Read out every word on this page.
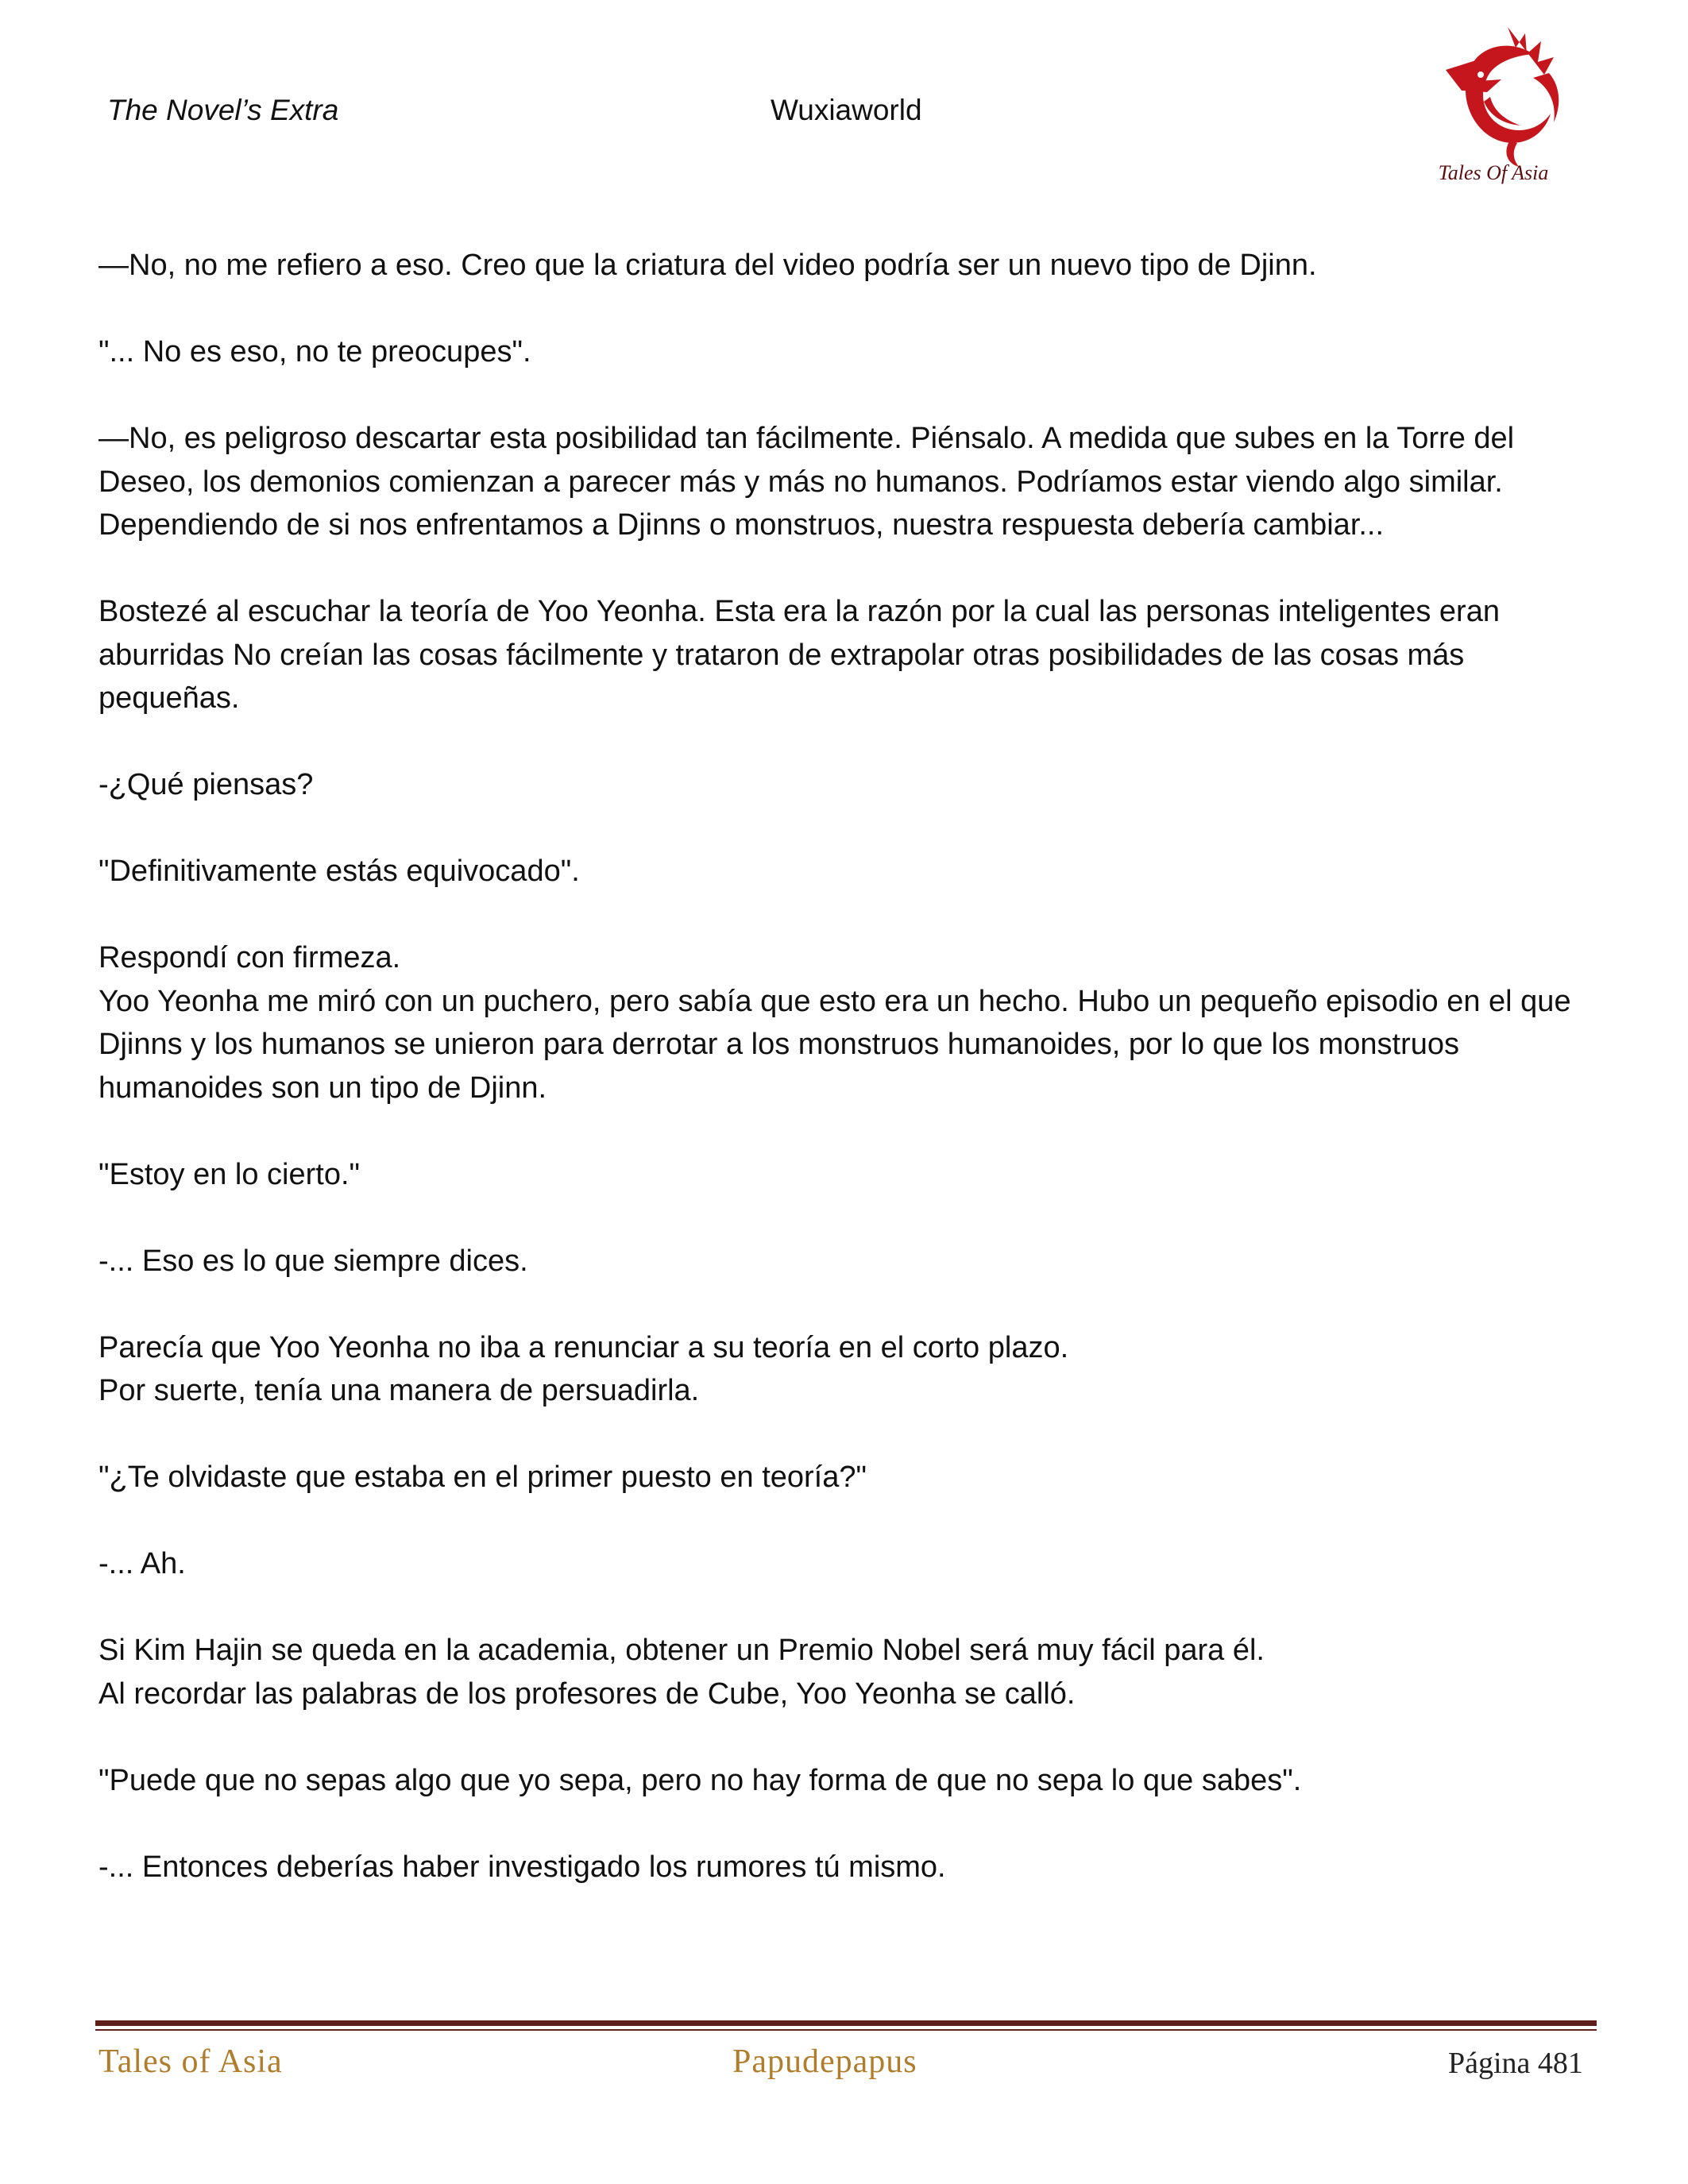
The Novel’s Extra	Wuxiaworld
Tales Of Asia

—No, no me refiero a eso. Creo que la criatura del video podría ser un nuevo tipo de Djinn.

"... No es eso, no te preocupes".

—No, es peligroso descartar esta posibilidad tan fácilmente. Piénsalo. A medida que subes en la Torre del Deseo, los demonios comienzan a parecer más y más no humanos. Podríamos estar viendo algo similar. Dependiendo de si nos enfrentamos a Djinns o monstruos, nuestra respuesta debería cambiar...

Bostezé al escuchar la teoría de Yoo Yeonha. Esta era la razón por la cual las personas inteligentes eran aburridas No creían las cosas fácilmente y trataron de extrapolar otras posibilidades de las cosas más pequeñas.

-¿Qué piensas?

"Definitivamente estás equivocado".

Respondí con firmeza.

Yoo Yeonha me miró con un puchero, pero sabía que esto era un hecho. Hubo un pequeño episodio en el que Djinns y los humanos se unieron para derrotar a los monstruos humanoides, por lo que los monstruos humanoides son un tipo de Djinn.

"Estoy en lo cierto."

-... Eso es lo que siempre dices.

Parecía que Yoo Yeonha no iba a renunciar a su teoría en el corto plazo.

Por suerte, tenía una manera de persuadirla.

"¿Te olvidaste que estaba en el primer puesto en teoría?"

-... Ah.

Si Kim Hajin se queda en la academia, obtener un Premio Nobel será muy fácil para él.

Al recordar las palabras de los profesores de Cube, Yoo Yeonha se calló.

"Puede que no sepas algo que yo sepa, pero no hay forma de que no sepa lo que sabes".

-... Entonces deberías haber investigado los rumores tú mismo.

Tales of Asia	Papudepapus	Página 481
